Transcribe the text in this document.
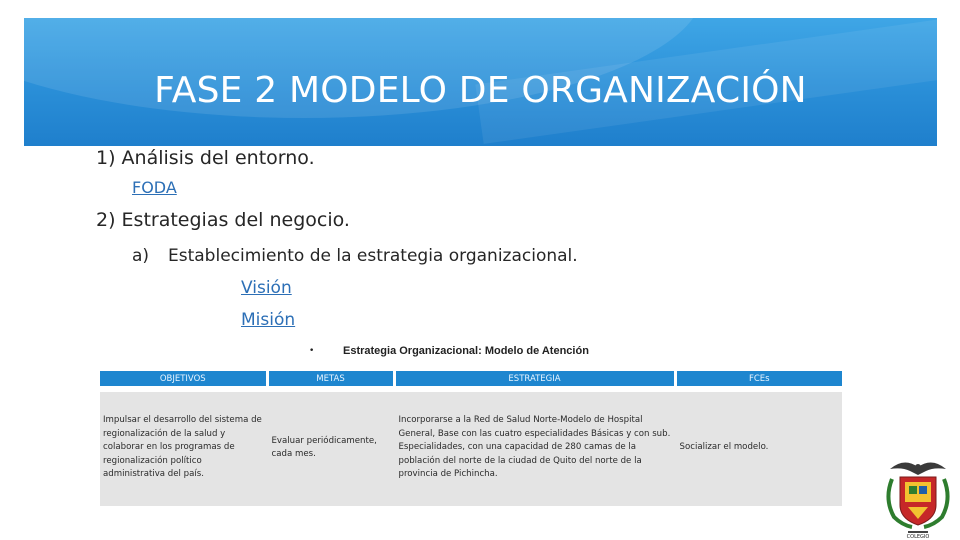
FASE 2 MODELO DE ORGANIZACIÓN
1) Análisis del entorno.
FODA
2) Estrategias del negocio.
a) Establecimiento de la estrategia organizacional.
Visión
Misión
•	Estrategia Organizacional: Modelo de Atención
OBJETIVOS	METAS	ESTRATEGIA	FCEs

Impulsar el desarrollo del sistema de regionalización de la salud y colaborar en los programas de regionalización político administrativa del país.	Evaluar periódicamente, cada mes.	Incorporarse a la Red de Salud Norte-Modelo de Hospital General, Base con las cuatro especialidades Básicas y con sub. Especialidades, con una capacidad de 280 camas de la población del norte de la ciudad de Quito del norte de la provincia de Pichincha.	Socializar el modelo.
COLEGIO
